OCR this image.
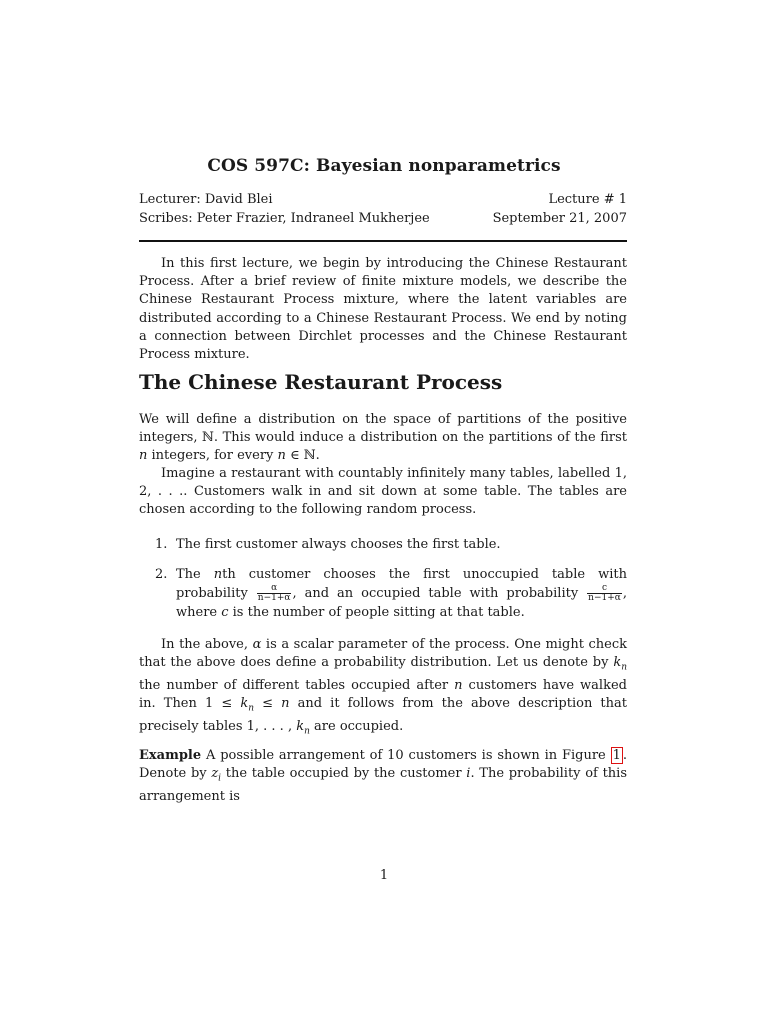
COS 597C: Bayesian nonparametrics
Lecturer: David Blei	Lecture # 1
Scribes: Peter Frazier, Indraneel Mukherjee	September 21, 2007

In this first lecture, we begin by introducing the Chinese Restaurant Process. After a brief review of finite mixture models, we describe the Chinese Restaurant Process mixture, where the latent variables are distributed according to a Chinese Restaurant Process. We end by noting a connection between Dirchlet processes and the Chinese Restaurant Process mixture.

The Chinese Restaurant Process

We will define a distribution on the space of partitions of the positive integers, ℕ. This would induce a distribution on the partitions of the first n integers, for every n ∈ ℕ.

Imagine a restaurant with countably infinitely many tables, labelled 1, 2, . . .. Customers walk in and sit down at some table. The tables are chosen according to the following random process.

1. The first customer always chooses the first table.
2. The nth customer chooses the first unoccupied table with probability $\frac{\alpha}{n-1+\alpha}$ , and an occupied table with probability $\frac{c}{n-1+\alpha}$ , where c is the number of people sitting at that table.

In the above, α is a scalar parameter of the process. One might check that the above does define a probability distribution. Let us denote by $k_n$ the number of different tables occupied after n customers have walked in. Then $1 \le k_n \le n$ and it follows from the above description that precisely tables 1, . . . , $k_n$ are occupied.

Example A possible arrangement of 10 customers is shown in Figure 1 . Denote by $z_i$ the table occupied by the customer i. The probability of this arrangement is

1
